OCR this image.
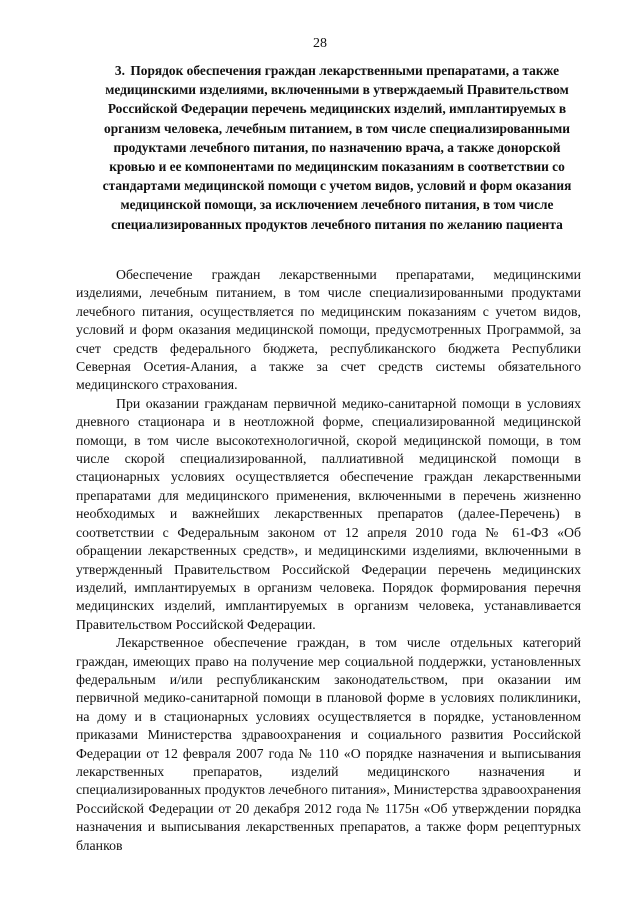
28
3. Порядок обеспечения граждан лекарственными препаратами, а также медицинскими изделиями, включенными в утверждаемый Правительством Российской Федерации перечень медицинских изделий, имплантируемых в организм человека, лечебным питанием, в том числе специализированными продуктами лечебного питания, по назначению врача, а также донорской кровью и ее компонентами по медицинским показаниям в соответствии со стандартами медицинской помощи с учетом видов, условий и форм оказания медицинской помощи, за исключением лечебного питания, в том числе специализированных продуктов лечебного питания по желанию пациента

Обеспечение граждан лекарственными препаратами, медицинскими изделиями, лечебным питанием, в том числе специализированными продуктами лечебного питания, осуществляется по медицинским показаниям с учетом видов, условий и форм оказания медицинской помощи, предусмотренных Программой, за счет средств федерального бюджета, республиканского бюджета Республики Северная Осетия-Алания, а также за счет средств системы обязательного медицинского страхования.

При оказании гражданам первичной медико-санитарной помощи в условиях дневного стационара и в неотложной форме, специализированной медицинской помощи, в том числе высокотехнологичной, скорой медицинской помощи, в том числе скорой специализированной, паллиативной медицинской помощи в стационарных условиях осуществляется обеспечение граждан лекарственными препаратами для медицинского применения, включенными в перечень жизненно необходимых и важнейших лекарственных препаратов (далее-Перечень) в соответствии с Федеральным законом от 12 апреля 2010 года № 61-ФЗ «Об обращении лекарственных средств», и медицинскими изделиями, включенными в утвержденный Правительством Российской Федерации перечень медицинских изделий, имплантируемых в организм человека. Порядок формирования перечня медицинских изделий, имплантируемых в организм человека, устанавливается Правительством Российской Федерации.

Лекарственное обеспечение граждан, в том числе отдельных категорий граждан, имеющих право на получение мер социальной поддержки, установленных федеральным и/или республиканским законодательством, при оказании им первичной медико-санитарной помощи в плановой форме в условиях поликлиники, на дому и в стационарных условиях осуществляется в порядке, установленном приказами Министерства здравоохранения и социального развития Российской Федерации от 12 февраля 2007 года № 110 «О порядке назначения и выписывания лекарственных препаратов, изделий медицинского назначения и специализированных продуктов лечебного питания», Министерства здравоохранения Российской Федерации от 20 декабря 2012 года № 1175н «Об утверждении порядка назначения и выписывания лекарственных препаратов, а также форм рецептурных бланков
